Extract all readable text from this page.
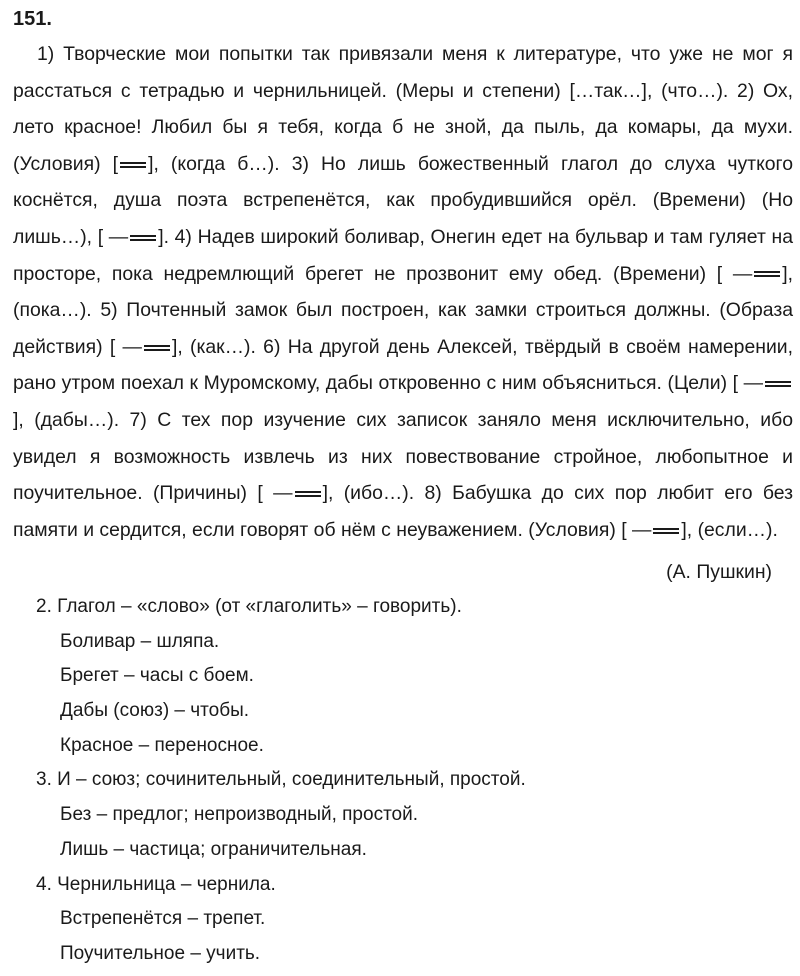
151.

1) Творческие мои попытки так привязали меня к литературе, что уже не мог я расстаться с тетрадью и чернильницей. (Меры и степени) […так…], (что…). 2) Ох, лето красное! Любил бы я тебя, когда б не зной, да пыль, да комары, да мухи. (Условия) [ ], (когда б…). 3) Но лишь божественный глагол до слуха чуткого коснётся, душа поэта встрепенётся, как пробудившийся орёл. (Времени) (Но лишь…), [ — ]. 4) Надев широкий боливар, Онегин едет на бульвар и там гуляет на просторе, пока недремлющий брегет не прозвонит ему обед. (Времени) [ — ], (пока…). 5) Почтенный замок был построен, как замки строиться должны. (Образа действия) [ — ], (как…). 6) На другой день Алексей, твёрдый в своём намерении, рано утром поехал к Муромскому, дабы откровенно с ним объясниться. (Цели) [ —], (дабы…). 7) С тех пор изучение сих записок заняло меня исключительно, ибо увидел я возможность извлечь из них повествование стройное, любопытное и поучительное. (Причины) [ — ], (ибо…). 8) Бабушка до сих пор любит его без памяти и сердится, если говорят об нём с неуважением. (Условия) [ — ], (если…).

(А. Пушкин)
2. Глагол – «слово» (от «глаголить» – говорить).
Боливар – шляпа.
Брегет – часы с боем.
Дабы (союз) – чтобы.
Красное – переносное.
3. И – союз; сочинительный, соединительный, простой.
Без – предлог; непроизводный, простой.
Лишь – частица; ограничительная.
4. Чернильница – чернила.
Встрепенётся – трепет.
Поучительное – учить.
